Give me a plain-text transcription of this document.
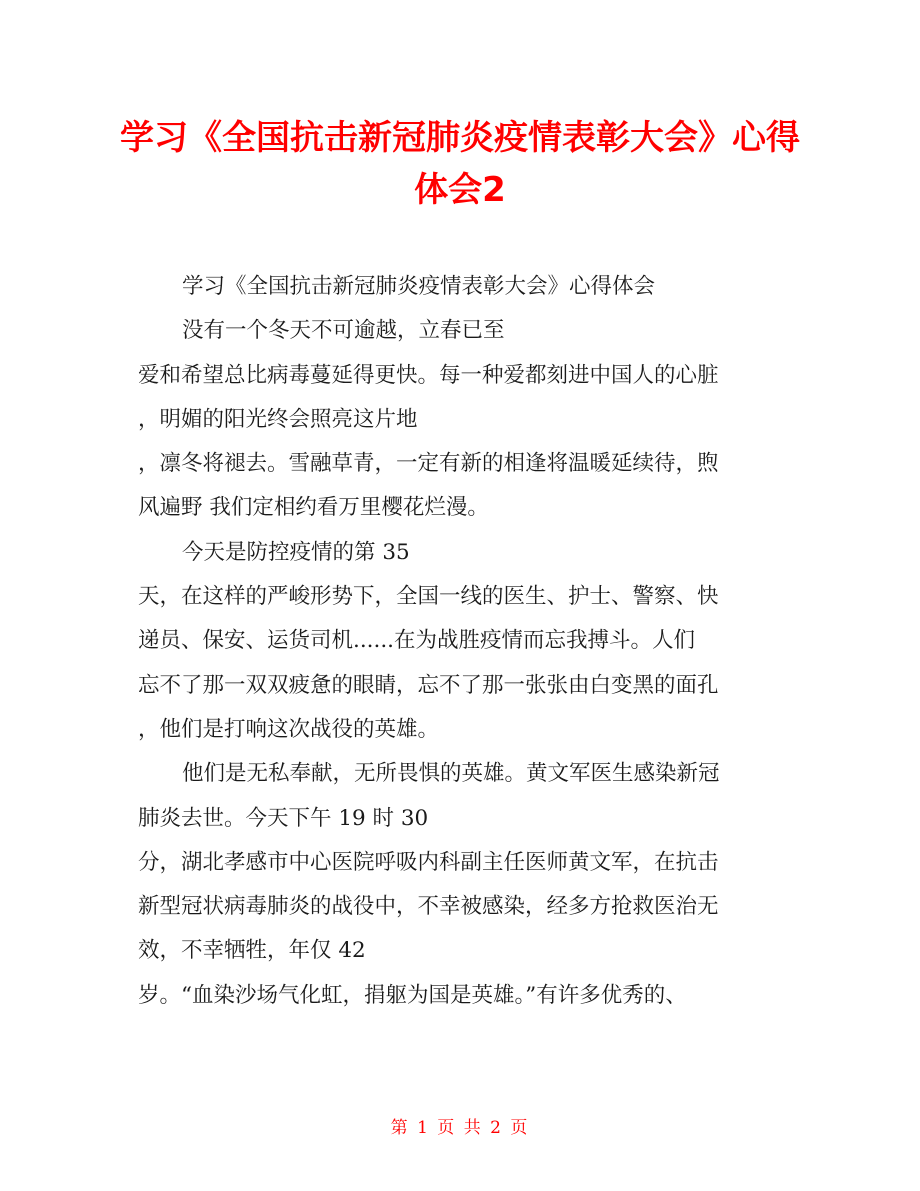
学习《全国抗击新冠肺炎疫情表彰大会》心得
体会2
学习《全国抗击新冠肺炎疫情表彰大会》心得体会
没有一个冬天不可逾越，立春已至
爱和希望总比病毒蔓延得更快。每一种爱都刻进中国人的心脏
，明媚的阳光终会照亮这片地
，凛冬将褪去。雪融草青，一定有新的相逢将温暖延续待，煦
风遍野 我们定相约看万里樱花烂漫。
今天是防控疫情的第 35
天，在这样的严峻形势下，全国一线的医生、护士、警察、快
递员、保安、运货司机......在为战胜疫情而忘我搏斗。人们
忘不了那一双双疲惫的眼睛，忘不了那一张张由白变黑的面孔
，他们是打响这次战役的英雄。
他们是无私奉献，无所畏惧的英雄。黄文军医生感染新冠
肺炎去世。今天下午 19 时 30
分，湖北孝感市中心医院呼吸内科副主任医师黄文军，在抗击
新型冠状病毒肺炎的战役中，不幸被感染，经多方抢救医治无
效，不幸牺牲，年仅 42
岁。“血染沙场气化虹，捐躯为国是英雄。”有许多优秀的、
第 1 页 共 2 页
